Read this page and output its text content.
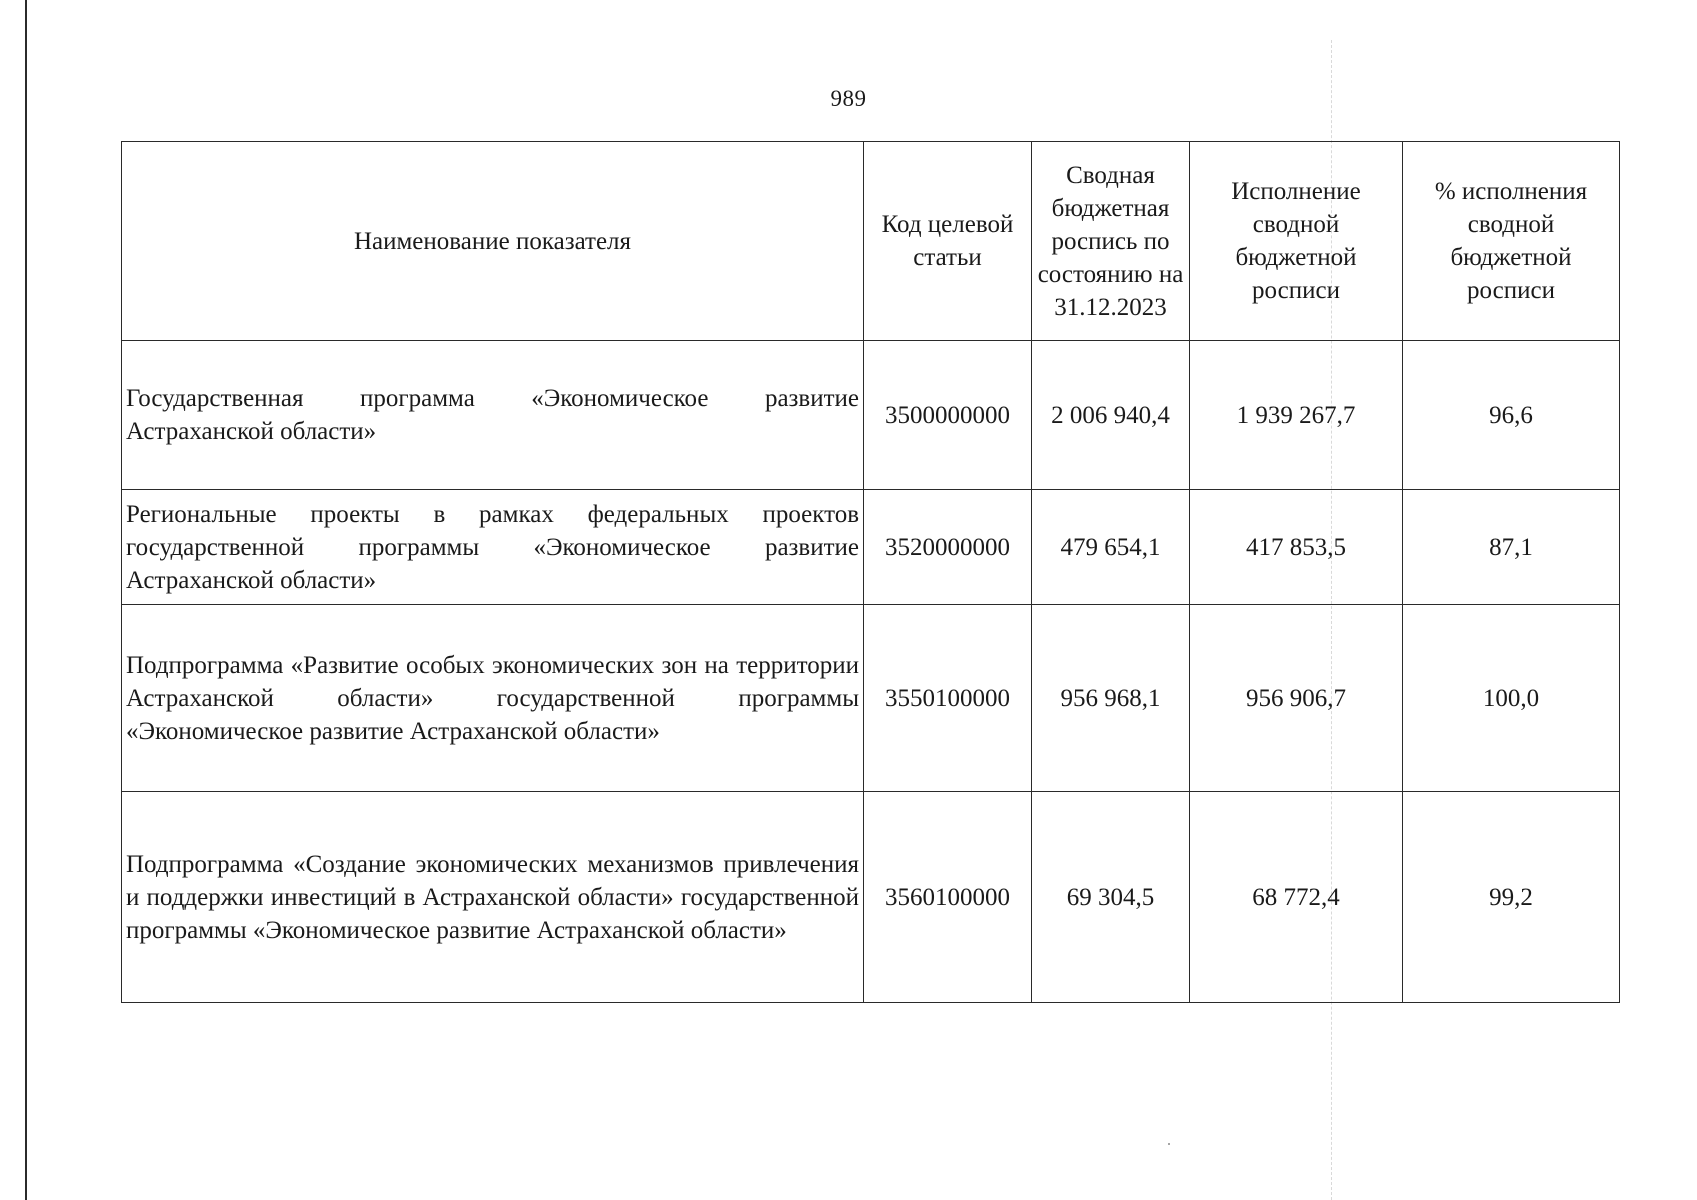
989
Наименование показателя	Код целевой статьи	Сводная бюджетная роспись по состоянию на 31.12.2023	Исполнение сводной бюджетной росписи	% исполнения сводной бюджетной росписи
Государственная программа «Экономическое развитие Астраханской области»	3500000000	2 006 940,4	1 939 267,7	96,6
Региональные проекты в рамках федеральных проектов государственной программы «Экономическое развитие Астраханской области»	3520000000	479 654,1	417 853,5	87,1
Подпрограмма «Развитие особых экономических зон на территории Астраханской области» государственной программы «Экономическое развитие Астраханской области»	3550100000	956 968,1	956 906,7	100,0
Подпрограмма «Создание экономических механизмов привлечения и поддержки инвестиций в Астраханской области» государственной программы «Экономическое развитие Астраханской области»	3560100000	69 304,5	68 772,4	99,2
